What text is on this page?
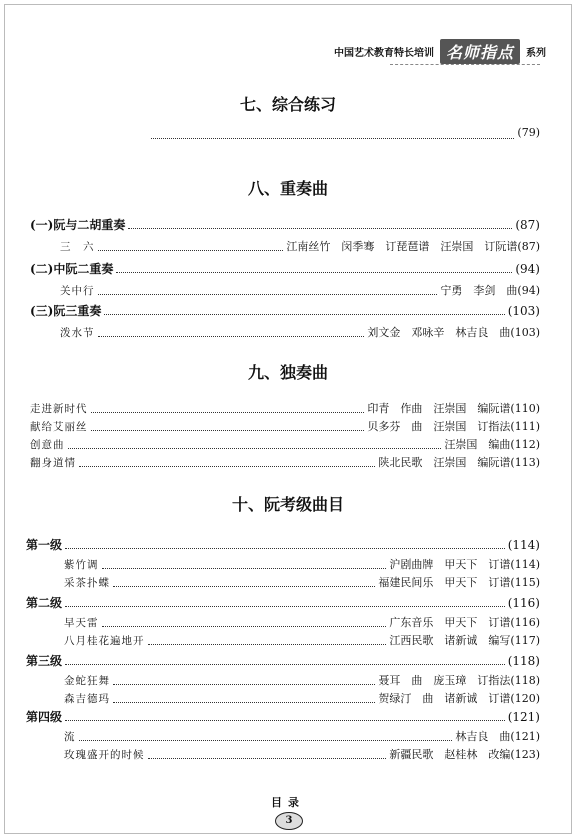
中国艺术教育特长培训 名师指点	系列
七、综合练习
(79)
八、重奏曲
(一)阮与二胡重奏	(87)
三　六	江南丝竹　闵季骞　订琵琶谱　汪崇国　订阮谱 (87)
(二)中阮二重奏	(94)
关中行	宁勇　李剑　曲 (94)
(三)阮三重奏	(103)
泼水节	刘文金　邓咏辛　林吉良　曲 (103)
九、独奏曲
走进新时代	印青　作曲　汪崇国　编阮谱 (110)
献给艾丽丝	贝多芬　曲　汪崇国　订指法 (111)
创意曲	汪崇国　编曲 (112)
翻身道情	陕北民歌　汪崇国　编阮谱 (113)
十、阮考级曲目
第一级	(114)
紫竹调	沪剧曲牌　甲天下　订谱 (114)
采茶扑蝶	福建民间乐　甲天下　订谱 (115)
第二级	(116)
早天雷	广东音乐　甲天下　订谱 (116)
八月桂花遍地开	江西民歌　诸新诚　编写 (117)
第三级	(118)
金蛇狂舞	聂耳　曲　庞玉璋　订指法 (118)
森吉德玛	贺绿汀　曲　诸新诚　订谱 (120)
第四级	(121)
流	林吉良　曲 (121)
玫瑰盛开的时候	新疆民歌　赵桂林　改编 (123)
目录
3
